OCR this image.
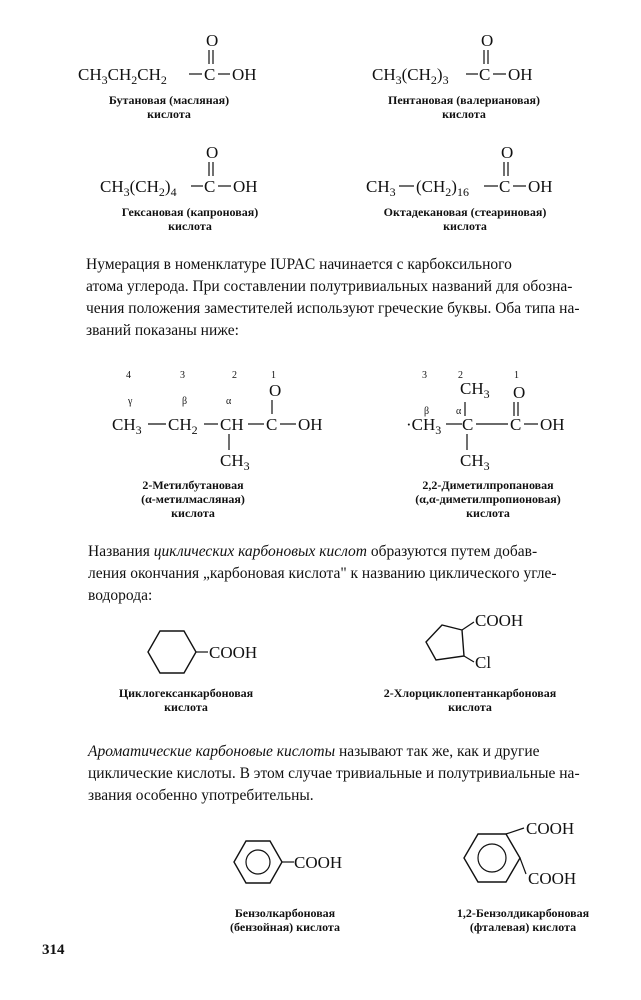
O
$CH_3CH_2CH_2$ C OH
Бутановая (масляная)
кислота
O
$CH_3(CH_2)_3$ C OH
Пентановая (валериановая)
кислота
O
$CH_3(CH_2)_4$ C OH
Гексановая (капроновая)
кислота
O
$CH_3$ $(CH_2)_{16}$ C OH
Октадекановая (стеариновая)
кислота
Нумерация в номенклатуре IUPAC начинается с карбоксильного
атома углерода. При составлении полутривиальных названий для обозна-
чения положения заместителей используют греческие буквы. Оба типа на-
званий показаны ниже:
4	3	2	1
γ	β	α
O
$CH_3$ $CH_2$ CH
$CH_3$
C OH
2-Метилбутановая
(α-метилмасляная)
кислота
3	2	1
$CH_3$
β	α
O
$\cdot CH_3$ C C OH
$CH_3$
2,2-Диметилпропановая
(α,α-диметилпропионовая)
кислота
Названия циклических карбоновых кислот образуются путем добав-
ления окончания „карбоновая кислота" к названию циклического угле-
водорода:
COOH
Циклогексанкарбоновая
кислота
COOH
Cl
2-Хлорциклопентанкарбоновая
кислота
Ароматические карбоновые кислоты называют так же, как и другие
циклические кислоты. В этом случае тривиальные и полутривиальные на-
звания особенно употребительны.
COOH
Бензолкарбоновая
(бензойная) кислота
COOH
COOH
1,2-Бензолдикарбоновая
(фталевая) кислота
314
